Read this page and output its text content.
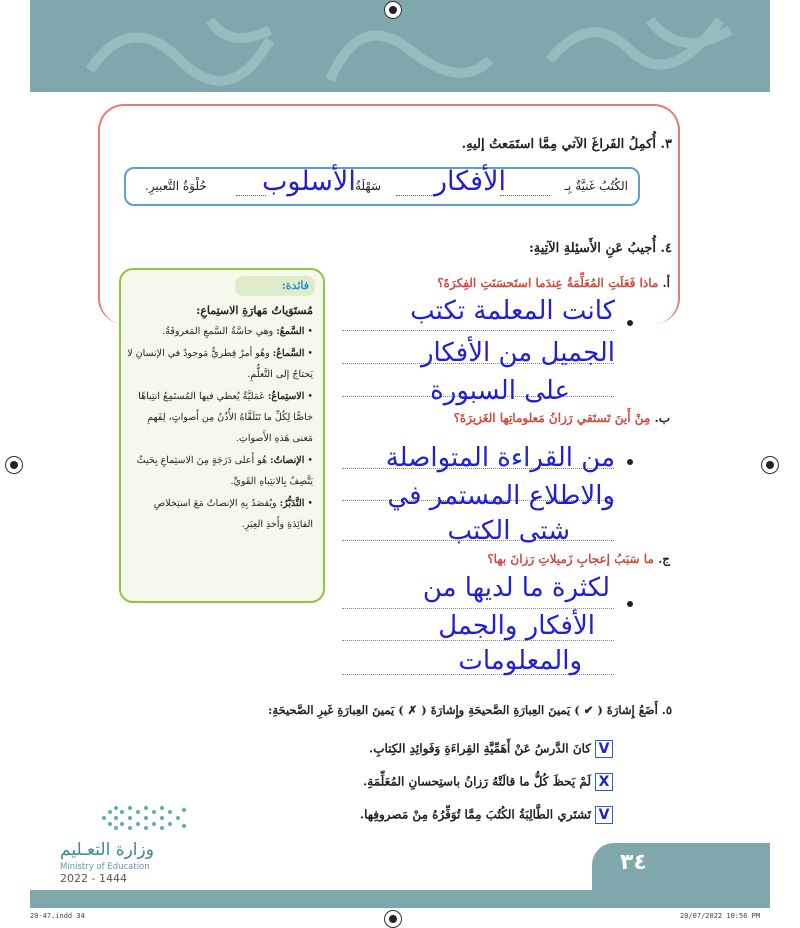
٣. أُكمِلُ الفَراغَ الآتي مِمَّا استَمَعتُ إليهِ.
الكُتُبُ غَنيَّةٌ بِـ
الأفكار
سَهْلَةُ
الأسلوب
حُلْوَةُ التَّعبيرِ.
٤. أُجيبُ عَنِ الأَسئِلةِ الآتِيةِ:
أ. ماذا فَعَلَتِ المُعَلِّمَةُ عِندَما استَحسَنَتِ الفِكرَةَ؟
كانت المعلمة تكتب
الجميل من الأفكار
على السبورة
ب. مِنْ أَينَ تَستَقي رَزانُ مَعلوماتِها الغَزيرَةَ؟
من القراءة المتواصلة
والاطلاع المستمر في
شتى الكتب
ج. ما سَبَبُ إعجابِ زَميلاتِ رَزانَ بها؟
لكثرة ما لديها من
الأفكار والجمل
والمعلومات
فائدة:
مُستَوَياتُ مَهارَةِ الاستِماعِ:

• السَّمعُ: وهي حاسَّةُ السَّمعِ المَعروفَةُ.

• السَّماعُ: وهُو أمرٌ فِطريٌّ مَوجودٌ في الإنسانِ لا يَحتاجُ إلى التَّعلُّمِ.

• الاستِماعُ: عَمَليَّةٌ يُعطي فيها المُستَمِعُ انتِباهًا خاصًّا لِكُلِّ ما تَتَلَقَّاهُ الأُذُنُ مِن أَصواتٍ، لِفَهمِ مَعنى هَذهِ الأَصواتِ.

• الإنصاتُ: هُو أَعلى دَرَجَةٍ مِنَ الاستِماعِ بِحَيثُ يَتَّصِفُ بِالانتِباهِ القَويِّ.

• التَّدَبُّرُ: ويُقصَدُ بِهِ الإنصاتُ مَعَ استِخلاصِ الفائِدَةِ وأَخذِ العِبَرِ.

٥. أَضَعُ إِشارَةَ ( ✔ ) يَمينَ العِبارَةِ الصَّحيحَةِ وإِشارَةَ ( ✗ ) يَمينَ العِبارَةِ غَيرِ الصَّحيحَةِ:
Vكانَ الدَّرسُ عَنْ أَهَمِّيَّةِ القِراءَةِ وَفَوائِدِ الكِتابِ.
Xلَمْ يَحظَ كُلُّ ما قالَتْهُ رَزانُ باستِحسانِ المُعَلِّمَةِ.
Vتَشتَري الطَّالِبَةُ الكُتُبَ مِمَّا تُوَفِّرُهُ مِنْ مَصروفِها.
وزارة التعـليم
Ministry of Education
2022 - 1444
٣٤
20-47.indd 34	20/07/2022 10:56 PM
